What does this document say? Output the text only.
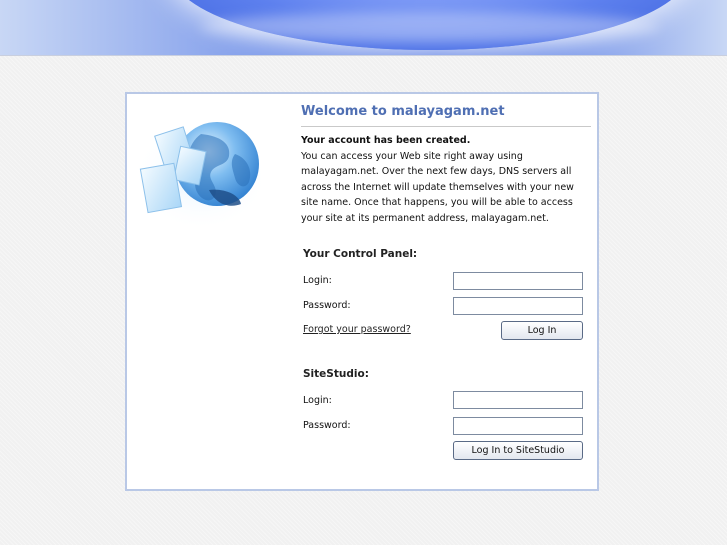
Welcome to malayagam.net
Your account has been created.
You can access your Web site right away using malayagam.net. Over the next few days, DNS servers all across the Internet will update themselves with your new site name. Once that happens, you will be able to access your site at its permanent address, malayagam.net.
Your Control Panel:
Login:
Password:
Forgot your password?	Log In
SiteStudio:
Login:
Password:
Log In to SiteStudio
